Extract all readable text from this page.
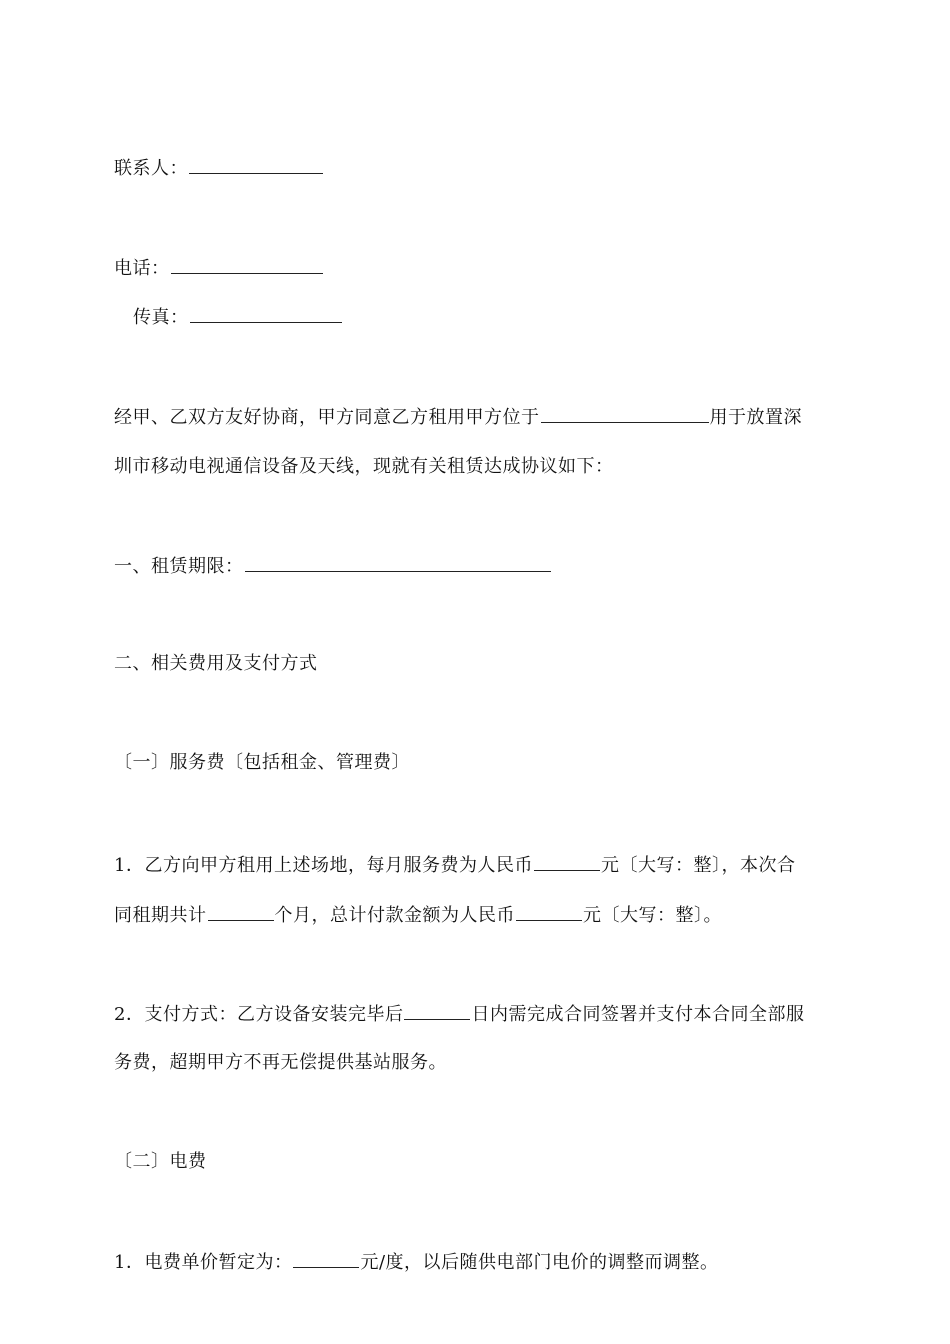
联系人：
电话：
传真：
经甲、乙双方友好协商，甲方同意乙方租用甲方位于	用于放置深
圳市移动电视通信设备及天线，现就有关租赁达成协议如下：
一、租赁期限：
二、相关费用及支付方式
〔一〕服务费〔包括租金、管理费〕
1．乙方向甲方租用上述场地，每月服务费为人民币	元〔大写：整〕，本次合
同租期共计	个月，总计付款金额为人民币	元〔大写：整〕。
2．支付方式：乙方设备安装完毕后	日内需完成合同签署并支付本合同全部服
务费，超期甲方不再无偿提供基站服务。
〔二〕电费
1．电费单价暂定为：	元/度，以后随供电部门电价的调整而调整。
